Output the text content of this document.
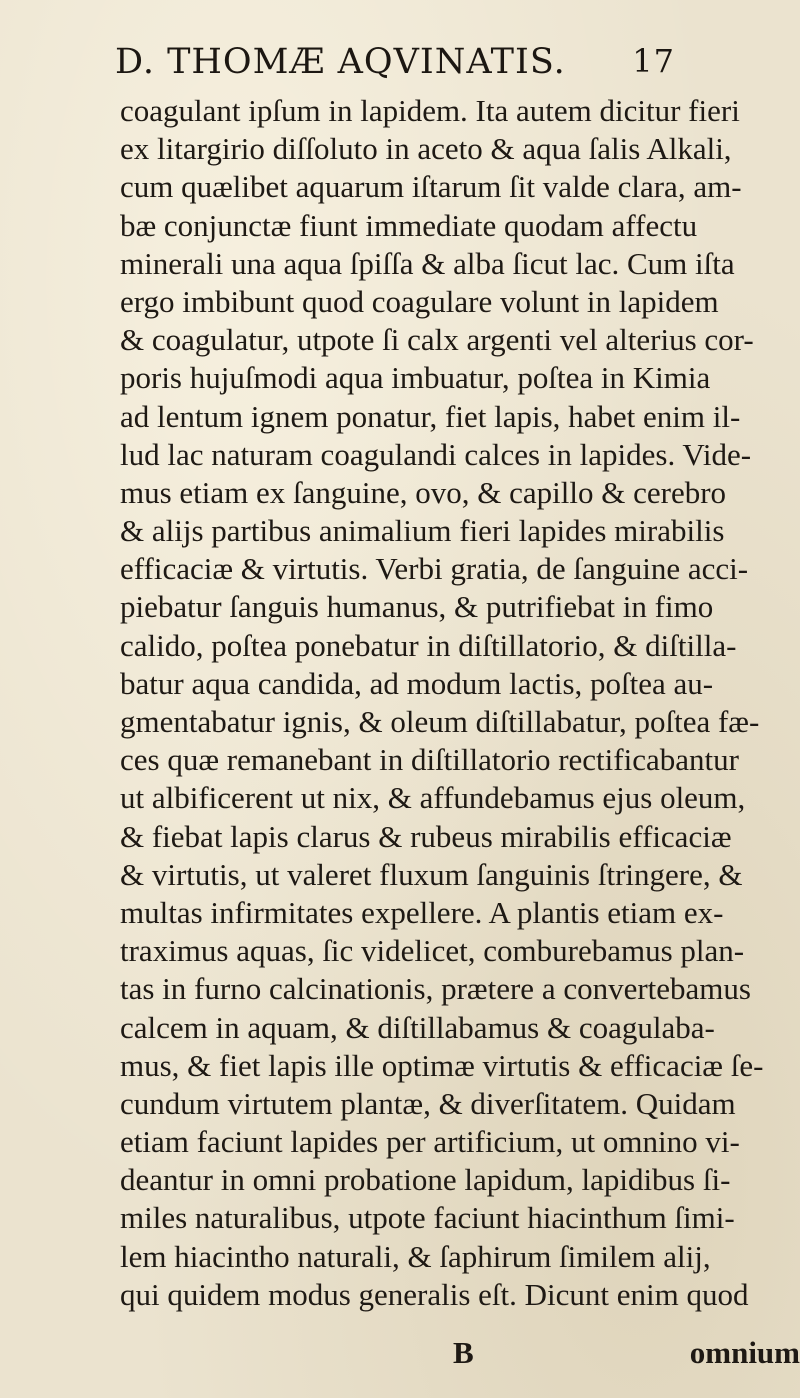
D. THOMÆ AQVINATIS. 17
coagulant ipſum in lapidem. Ita autem dicitur fieri
ex litargirio diſſoluto in aceto & aqua ſalis Alkali,
cum quælibet aquarum iſtarum ſit valde clara, am-
bæ conjunctæ fiunt immediate quodam affectu
minerali una aqua ſpiſſa & alba ſicut lac. Cum iſta
ergo imbibunt quod coagulare volunt in lapidem
& coagulatur, utpote ſi calx argenti vel alterius cor-
poris hujuſmodi aqua imbuatur, poſtea in Kimia
ad lentum ignem ponatur, fiet lapis, habet enim il-
lud lac naturam coagulandi calces in lapides. Vide-
mus etiam ex ſanguine, ovo, & capillo & cerebro
& alijs partibus animalium fieri lapides mirabilis
efficaciæ & virtutis. Verbi gratia, de ſanguine acci-
piebatur ſanguis humanus, & putrifiebat in fimo
calido, poſtea ponebatur in diſtillatorio, & diſtilla-
batur aqua candida, ad modum lactis, poſtea au-
gmentabatur ignis, & oleum diſtillabatur, poſtea fæ-
ces quæ remanebant in diſtillatorio rectificabantur
ut albificerent ut nix, & affundebamus ejus oleum,
& fiebat lapis clarus & rubeus mirabilis efficaciæ
& virtutis, ut valeret fluxum ſanguinis ſtringere, &
multas infirmitates expellere. A plantis etiam ex-
traximus aquas, ſic videlicet, comburebamus plan-
tas in furno calcinationis, prætere a convertebamus
calcem in aquam, & diſtillabamus & coagulaba-
mus, & fiet lapis ille optimæ virtutis & efficaciæ ſe-
cundum virtutem plantæ, & diverſitatem. Quidam
etiam faciunt lapides per artificium, ut omnino vi-
deantur in omni probatione lapidum, lapidibus ſi-
miles naturalibus, utpote faciunt hiacinthum ſimi-
lem hiacintho naturali, & ſaphirum ſimilem alij,
qui quidem modus generalis eſt. Dicunt enim quod
B	omnium
